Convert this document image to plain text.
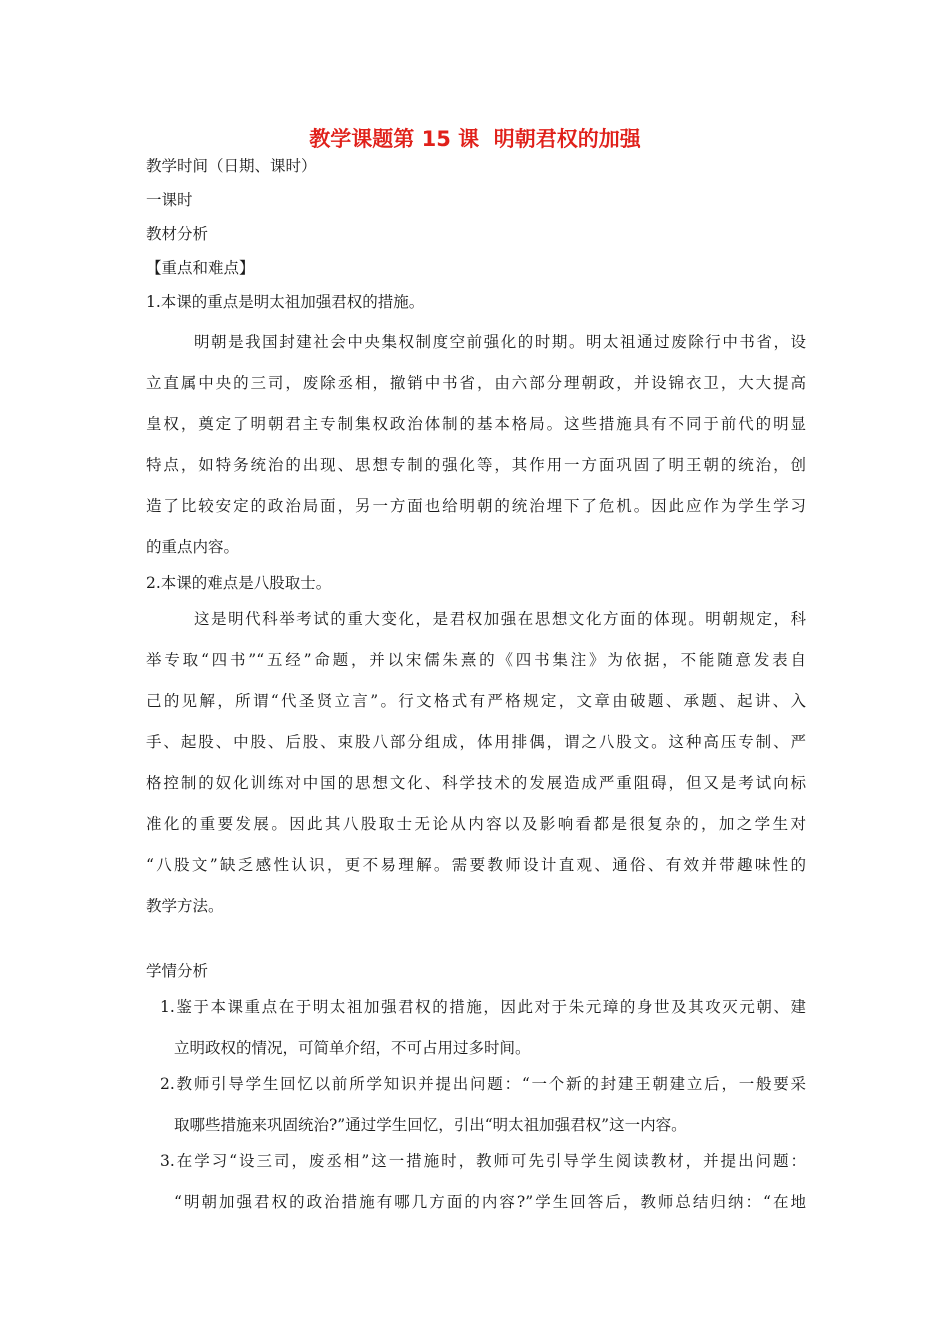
教学课题第 15 课  明朝君权的加强
教学时间（日期、课时）
一课时
教材分析
【重点和难点】
1.本课的重点是明太祖加强君权的措施。
明朝是我国封建社会中央集权制度空前强化的时期。明太祖通过废除行中书省，设
立直属中央的三司，废除丞相，撤销中书省，由六部分理朝政，并设锦衣卫，大大提高
皇权，奠定了明朝君主专制集权政治体制的基本格局。这些措施具有不同于前代的明显
特点，如特务统治的出现、思想专制的强化等，其作用一方面巩固了明王朝的统治，创
造了比较安定的政治局面，另一方面也给明朝的统治埋下了危机。因此应作为学生学习
的重点内容。
2.本课的难点是八股取士。
这是明代科举考试的重大变化，是君权加强在思想文化方面的体现。明朝规定，科
举专取“四书”“五经”命题，并以宋儒朱熹的《四书集注》为依据，不能随意发表自
己的见解，所谓“代圣贤立言”。行文格式有严格规定，文章由破题、承题、起讲、入
手、起股、中股、后股、束股八部分组成，体用排偶，谓之八股文。这种高压专制、严
格控制的奴化训练对中国的思想文化、科学技术的发展造成严重阻碍，但又是考试向标
准化的重要发展。因此其八股取士无论从内容以及影响看都是很复杂的，加之学生对
“八股文”缺乏感性认识，更不易理解。需要教师设计直观、通俗、有效并带趣味性的
教学方法。
学情分析
1.鉴于本课重点在于明太祖加强君权的措施，因此对于朱元璋的身世及其攻灭元朝、建
立明政权的情况，可简单介绍，不可占用过多时间。
2.教师引导学生回忆以前所学知识并提出问题：“一个新的封建王朝建立后，一般要采
取哪些措施来巩固统治?”通过学生回忆，引出“明太祖加强君权”这一内容。
3.在学习“设三司，废丞相”这一措施时，教师可先引导学生阅读教材，并提出问题：
“明朝加强君权的政治措施有哪几方面的内容?”学生回答后，教师总结归纳：“在地
